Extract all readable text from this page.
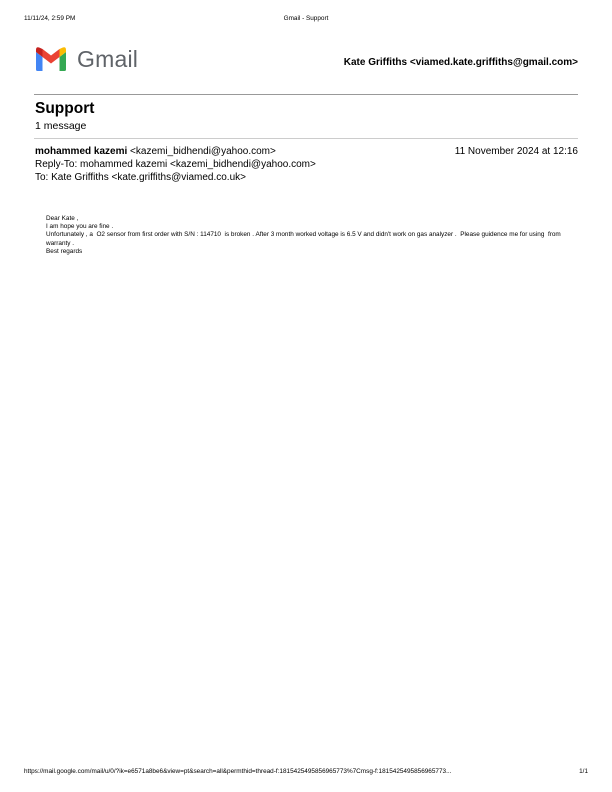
11/11/24, 2:59 PM	Gmail - Support
Gmail	Kate Griffiths <viamed.kate.griffiths@gmail.com>
Support
1 message
mohammed kazemi <kazemi_bidhendi@yahoo.com>	11 November 2024 at 12:16
Reply-To: mohammed kazemi <kazemi_bidhendi@yahoo.com>
To: Kate Griffiths <kate.griffiths@viamed.co.uk>
Dear Kate ,
I am hope you are fine .
Unfortunately , a  O2 sensor from first order with S/N : 114710  is broken . After 3 month worked voltage is 6.5 V and didn't work on gas analyzer .  Please guidence me for using  from warranty .
Best regards
https://mail.google.com/mail/u/0/?ik=e6571a8be6&view=pt&search=all&permthid=thread-f:1815425495856965773%7Cmsg-f:1815425495856965773...	1/1
